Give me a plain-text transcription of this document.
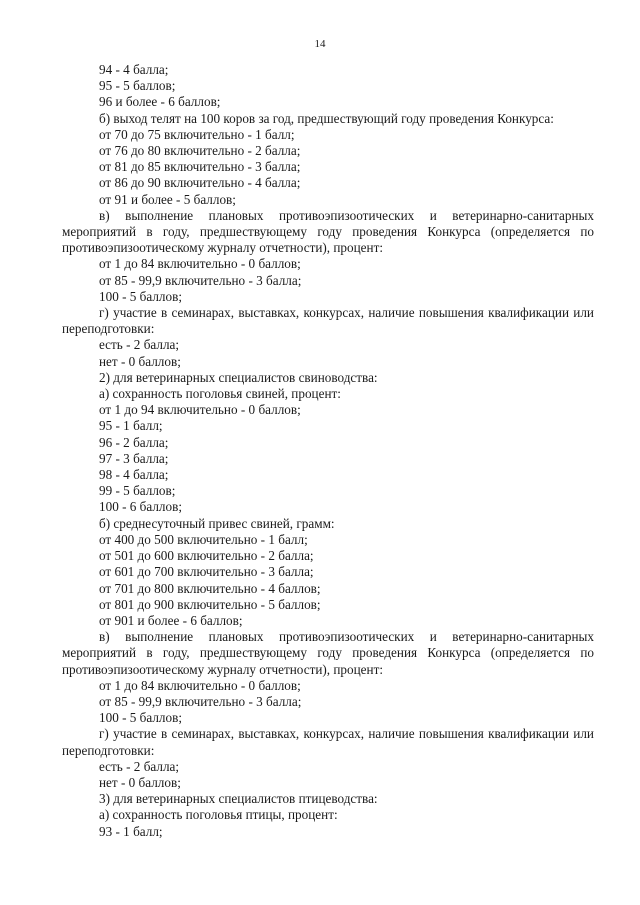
14

94 - 4 балла;

95 - 5 баллов;

96 и более - 6 баллов;

б) выход телят на 100 коров за год, предшествующий году проведения Конкурса:

от 70 до 75 включительно - 1 балл;

от 76 до 80 включительно - 2 балла;

от 81 до 85 включительно - 3 балла;

от 86 до 90 включительно - 4 балла;

от 91 и более - 5 баллов;

в) выполнение плановых противоэпизоотических и ветеринарно-санитарных мероприятий в году, предшествующему году проведения Конкурса (определяется по противоэпизоотическому журналу отчетности), процент:

от 1 до 84 включительно - 0 баллов;

от 85 - 99,9 включительно - 3 балла;

100 - 5 баллов;

г) участие в семинарах, выставках, конкурсах, наличие повышения квалификации или переподготовки:

есть - 2 балла;

нет - 0 баллов;

2) для ветеринарных специалистов свиноводства:

а) сохранность поголовья свиней, процент:

от 1 до 94 включительно - 0 баллов;

95 - 1 балл;

96 - 2 балла;

97 - 3 балла;

98 - 4 балла;

99 - 5 баллов;

100 - 6 баллов;

б) среднесуточный привес свиней, грамм:

от 400 до 500 включительно - 1 балл;

от 501 до 600 включительно - 2 балла;

от 601 до 700 включительно - 3 балла;

от 701 до 800 включительно - 4 баллов;

от 801 до 900 включительно - 5 баллов;

от 901 и более - 6 баллов;

в) выполнение плановых противоэпизоотических и ветеринарно-санитарных мероприятий в году, предшествующему году проведения Конкурса (определяется по противоэпизоотическому журналу отчетности), процент:

от 1 до 84 включительно - 0 баллов;

от 85 - 99,9 включительно - 3 балла;

100 - 5 баллов;

г) участие в семинарах, выставках, конкурсах, наличие повышения квалификации или переподготовки:

есть - 2 балла;

нет - 0 баллов;

3) для ветеринарных специалистов птицеводства:

а) сохранность поголовья птицы, процент:

93 - 1 балл;
